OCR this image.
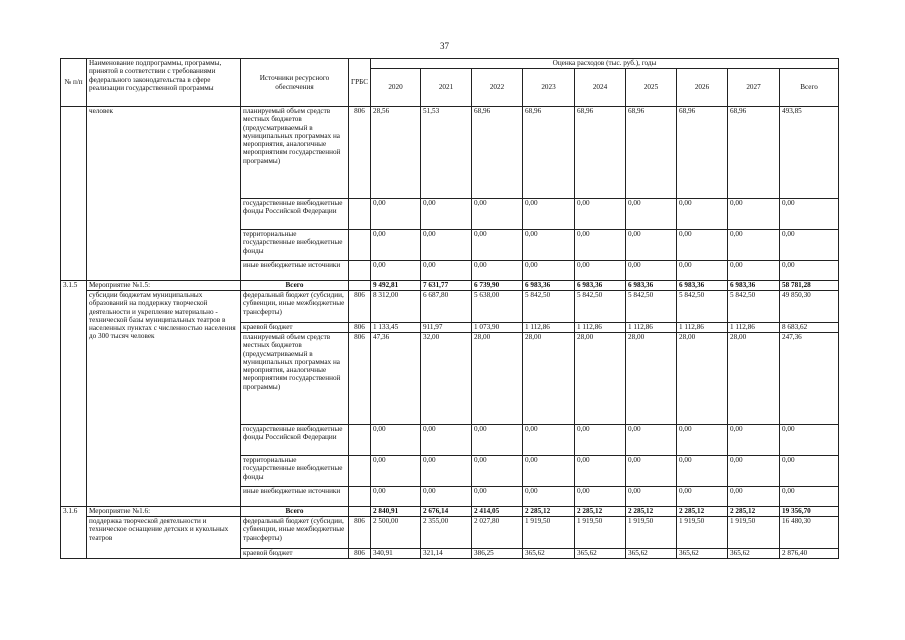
37
№ п/п	Наименование подпрограммы, программы, принятой в соответствии с требованиями федерального законодательства в сфере реализации государственной программы	Источники ресурсного обеспечения	ГРБС	Оценка расходов (тыс. руб.), годы								
				2020	2021	2022	2023	2024	2025	2026	2027	Всего
	человек	планируемый объем средств местных бюджетов (предусматриваемый в муниципальных программах на мероприятия, аналогичные мероприятиям государственной программы)	806	28,56	51,53	68,96	68,96	68,96	68,96	68,96	68,96	493,85
		государственные внебюджетные фонды Российской Федерации		0,00	0,00	0,00	0,00	0,00	0,00	0,00	0,00	0,00
		территориальные государственные внебюджетные фонды		0,00	0,00	0,00	0,00	0,00	0,00	0,00	0,00	0,00
		иные внебюджетные источники		0,00	0,00	0,00	0,00	0,00	0,00	0,00	0,00	0,00
3.1.5	Мероприятие №1.5:	Всего		9 492,81	7 631,77	6 739,90	6 983,36	6 983,36	6 983,36	6 983,36	6 983,36	58 781,28
	субсидии бюджетам муниципальных образований на поддержку творческой деятельности и укрепление материально - технической базы муниципальных театров в населенных пунктах с численностью населения до 300 тысяч человек	федеральный бюджет (субсидии, субвенции, иные межбюджетные трансферты)	806	8 312,00	6 687,80	5 638,00	5 842,50	5 842,50	5 842,50	5 842,50	5 842,50	49 850,30
		краевой бюджет	806	1 133,45	911,97	1 073,90	1 112,86	1 112,86	1 112,86	1 112,86	1 112,86	8 683,62
		планируемый объем средств местных бюджетов (предусматриваемый в муниципальных программах на мероприятия, аналогичные мероприятиям государственной программы)	806	47,36	32,00	28,00	28,00	28,00	28,00	28,00	28,00	247,36
		государственные внебюджетные фонды Российской Федерации		0,00	0,00	0,00	0,00	0,00	0,00	0,00	0,00	0,00
		территориальные государственные внебюджетные фонды		0,00	0,00	0,00	0,00	0,00	0,00	0,00	0,00	0,00
		иные внебюджетные источники		0,00	0,00	0,00	0,00	0,00	0,00	0,00	0,00	0,00
3.1.6	Мероприятие №1.6:	Всего		2 840,91	2 676,14	2 414,05	2 285,12	2 285,12	2 285,12	2 285,12	2 285,12	19 356,70
	поддержка творческой деятельности и техническое оснащение детских и кукольных театров	федеральный бюджет (субсидии, субвенции, иные межбюджетные трансферты)	806	2 500,00	2 355,00	2 027,80	1 919,50	1 919,50	1 919,50	1 919,50	1 919,50	16 480,30
		краевой бюджет	806	340,91	321,14	386,25	365,62	365,62	365,62	365,62	365,62	2 876,40
